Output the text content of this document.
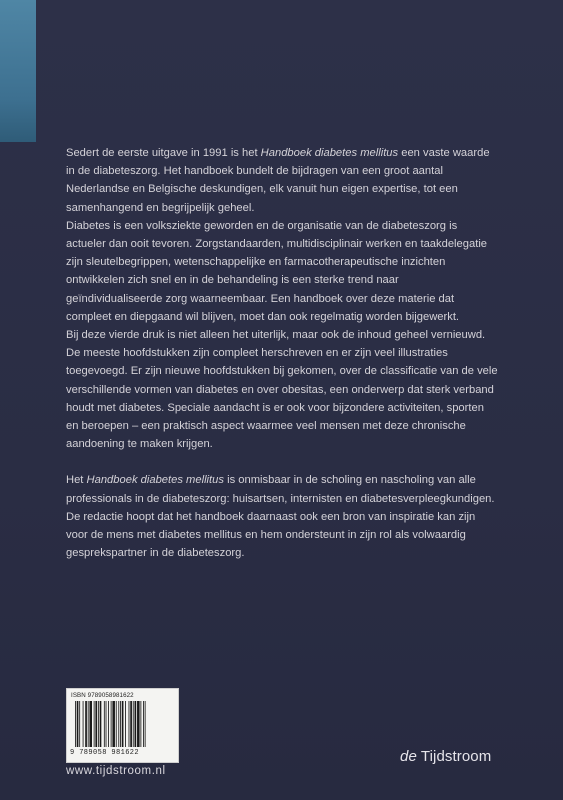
Sedert de eerste uitgave in 1991 is het Handboek diabetes mellitus een vaste waarde in de diabeteszorg. Het handboek bundelt de bijdragen van een groot aantal Nederlandse en Belgische deskundigen, elk vanuit hun eigen expertise, tot een samenhangend en begrijpelijk geheel.

Diabetes is een volksziekte geworden en de organisatie van de diabeteszorg is actueler dan ooit tevoren. Zorgstandaarden, multidisciplinair werken en taakdelegatie zijn sleutelbegrippen, wetenschappelijke en farmacotherapeutische inzichten ontwikkelen zich snel en in de behandeling is een sterke trend naar geïndividualiseerde zorg waarneembaar. Een handboek over deze materie dat compleet en diepgaand wil blijven, moet dan ook regelmatig worden bijgewerkt.

Bij deze vierde druk is niet alleen het uiterlijk, maar ook de inhoud geheel vernieuwd. De meeste hoofdstukken zijn compleet herschreven en er zijn veel illustraties toegevoegd. Er zijn nieuwe hoofdstukken bij gekomen, over de classificatie van de vele verschillende vormen van diabetes en over obesitas, een onderwerp dat sterk verband houdt met diabetes. Speciale aandacht is er ook voor bijzondere activiteiten, sporten en beroepen – een praktisch aspect waarmee veel mensen met deze chronische aandoening te maken krijgen.

Het Handboek diabetes mellitus is onmisbaar in de scholing en nascholing van alle professionals in de diabeteszorg: huisartsen, internisten en diabetesverpleegkundigen. De redactie hoopt dat het handboek daarnaast ook een bron van inspiratie kan zijn voor de mens met diabetes mellitus en hem ondersteunt in zijn rol als volwaardig gesprekspartner in de diabeteszorg.

ISBN 9789058981622
9 789058 981622
www.tijdstroom.nl
de Tijdstroom
